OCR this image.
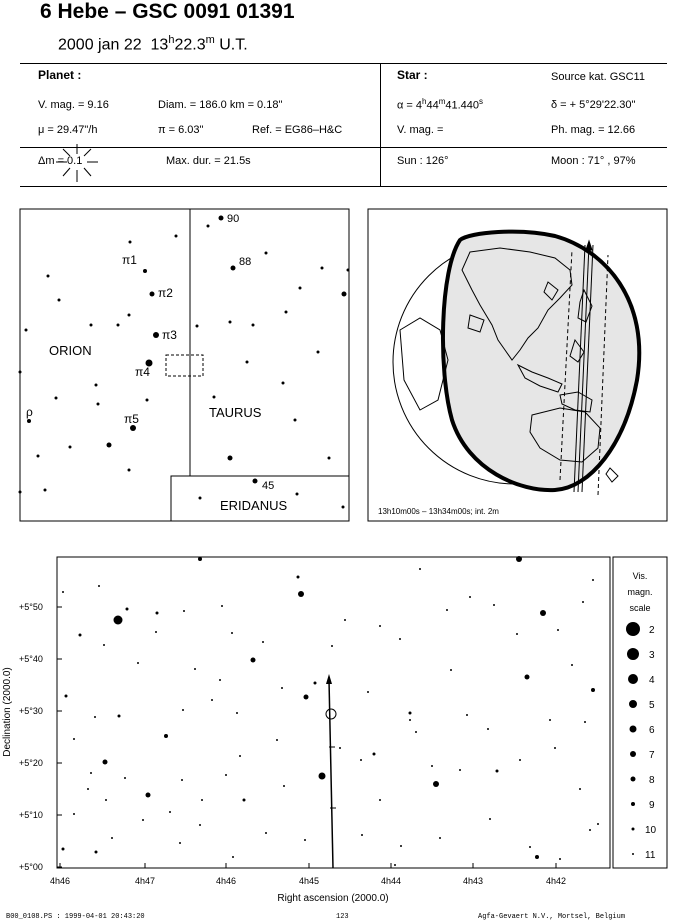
6 Hebe – GSC 0091 01391
2000 jan 22 13$^h$22.3$^m$ U.T.
Planet :
V. mag. = 9.16	Diam. = 186.0 km = 0.18"
μ = 29.47"/h	π = 6.03"	Ref. = EG86–H&C
Δm = 0.1	Max. dur. = 21.5s
Star :	Source kat. GSC11
$\alpha = 4^h44^m41.440^s$	δ = + 5°29'22.30"
V. mag. =	Ph. mag. = 12.66
Sun : 126°	Moon : 71° , 97%
π1
π2
π3
π4
π5
ρ
90
88
45
ORION
TAURUS
ERIDANUS	13h10m00s – 13h34m00s; int. 2m
+5°50
+5°40
+5°30
+5°20
+5°10
+5°00
4h46	4h47	4h46	4h45	4h44	4h43	4h42
Right ascension (2000.0)
Declination (2000.0)
Vis.
magn.
scale
2
3
4
5
6
7
8
9
10
11
B00_0108.PS : 1999-04-01 20:43:20	123	Agfa-Gevaert N.V., Mortsel, Belgium
